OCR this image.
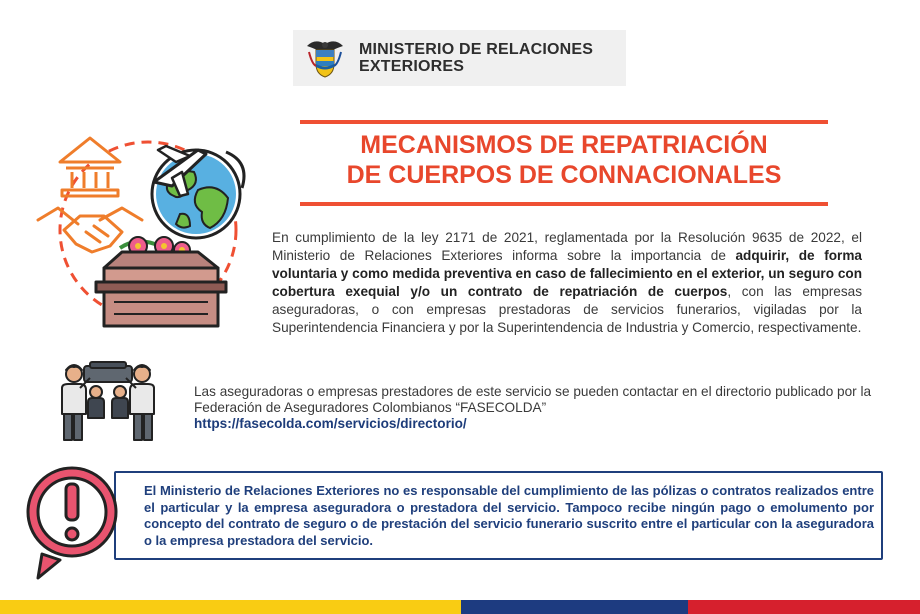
MINISTERIO DE RELACIONES
EXTERIORES
MECANISMOS DE REPATRIACIÓN
DE CUERPOS DE CONNACIONALES

En cumplimiento de la ley 2171 de 2021, reglamentada por la Resolución 9635 de 2022, el Ministerio de Relaciones Exteriores informa sobre la importancia de adquirir, de forma voluntaria y como medida preventiva en caso de fallecimiento en el exterior, un seguro con cobertura exequial y/o un contrato de repatriación de cuerpos, con las empresas aseguradoras, o con empresas prestadoras de servicios funerarios, vigiladas por la Superintendencia Financiera y por la Superintendencia de Industria y Comercio, respectivamente.

Las aseguradoras o empresas prestadores de este servicio se pueden contactar en el directorio publicado por la Federación de Aseguradores Colombianos “FASECOLDA”
https://fasecolda.com/servicios/directorio/

El Ministerio de Relaciones Exteriores no es responsable del cumplimiento de las pólizas o contratos realizados entre el particular y la empresa aseguradora o prestadora del servicio. Tampoco recibe ningún pago o emolumento por concepto del contrato de seguro o de prestación del servicio funerario suscrito entre el particular con la aseguradora o la empresa prestadora del servicio.
